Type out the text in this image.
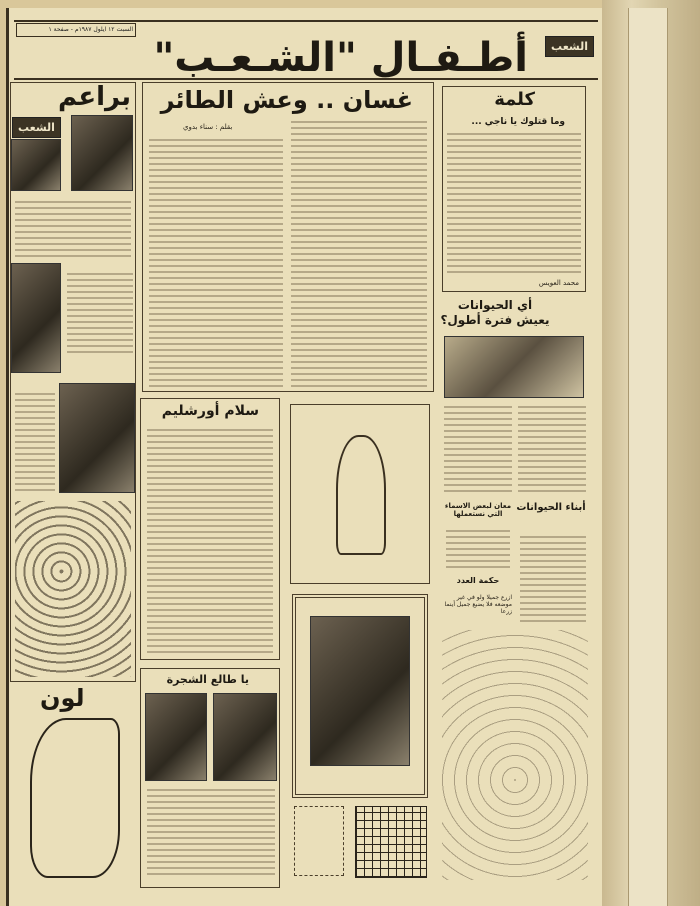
السبت ١٢ ايلول ١٩٨٧م - صفحة ١
أطـفـال "الشـعـب"	الشعب
براعم
الشعب
لون
غسان .. وعش الطائر
بقلم : سناء بدوي
كلمة
وما قتلوك يا ناجي ...
محمد العويس
أي الحيوانات يعيش فترة أطول؟
أبناء الحيوانات
معان لبعض الاسماء التي نستعملها
حكمة العدد
ازرع جميلا ولو في غير موضعه فلا يضيع جميل أينما زرعا
سلام أورشليم
يا طالع الشجرة
